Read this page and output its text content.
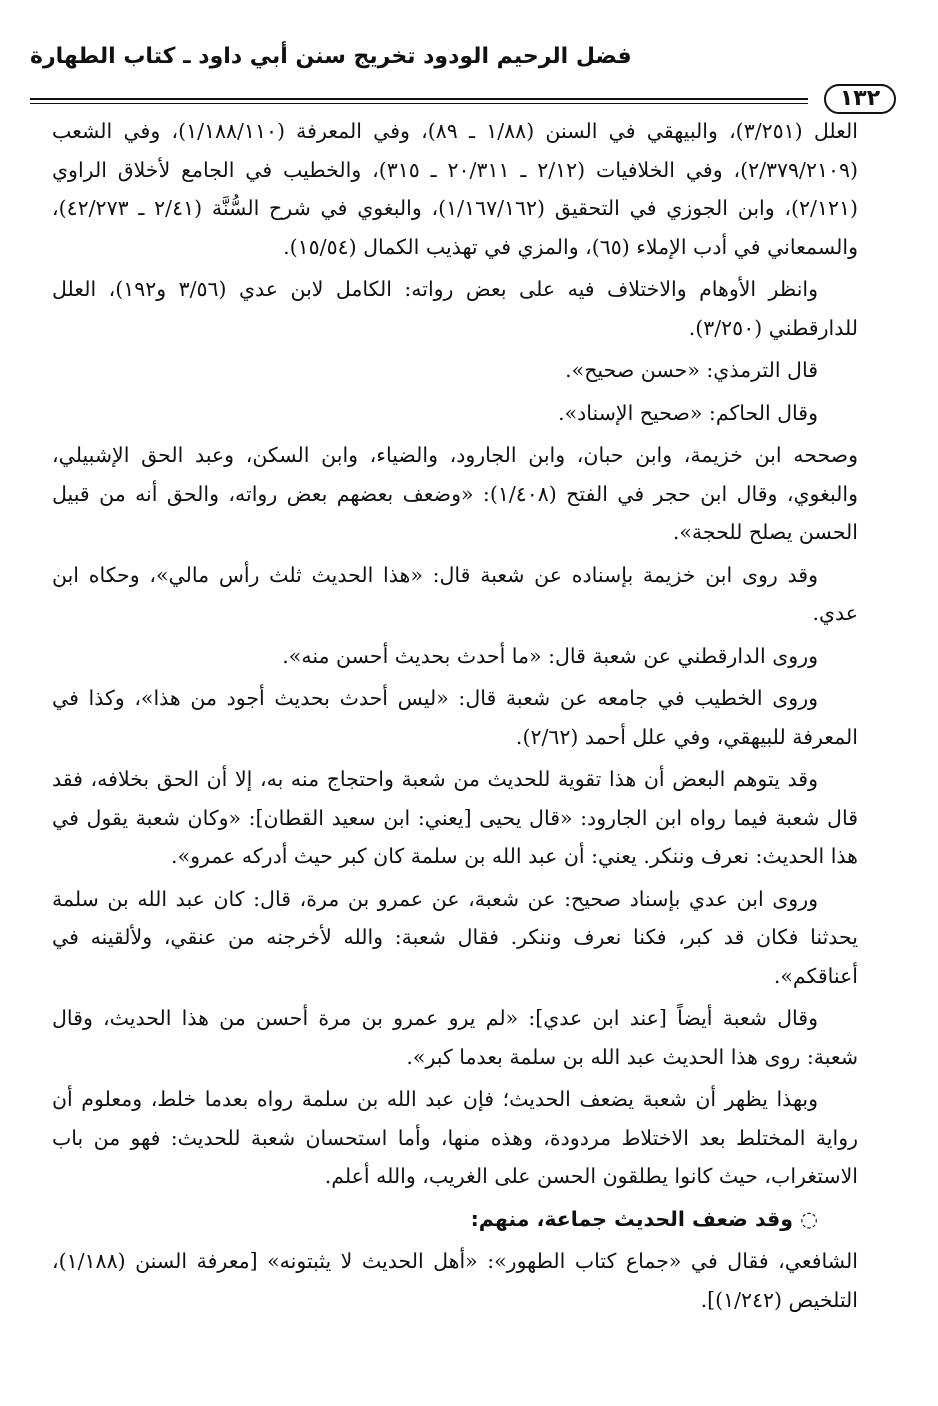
فضل الرحيم الودود تخريج سنن أبي داود ـ كتاب الطهارة
١٣٢

العلل (٣/٢٥١)، والبيهقي في السنن (١/٨٨ ـ ٨٩)، وفي المعرفة (١/١٨٨/١١٠)، وفي الشعب (٢/٣٧٩/٢١٠٩)، وفي الخلافيات (٢/١٢ ـ ٢٠/٣١١ ـ ٣١٥)، والخطيب في الجامع لأخلاق الراوي (٢/١٢١)، وابن الجوزي في التحقيق (١/١٦٧/١٦٢)، والبغوي في شرح السُّنَّة (٢/٤١ ـ ٤٢/٢٧٣)، والسمعاني في أدب الإملاء (٦٥)، والمزي في تهذيب الكمال (١٥/٥٤).

وانظر الأوهام والاختلاف فيه على بعض رواته: الكامل لابن عدي (٣/٥٦ و١٩٢)، العلل للدارقطني (٣/٢٥٠).

قال الترمذي: «حسن صحيح».

وقال الحاكم: «صحيح الإسناد».

وصححه ابن خزيمة، وابن حبان، وابن الجارود، والضياء، وابن السكن، وعبد الحق الإشبيلي، والبغوي، وقال ابن حجر في الفتح (١/٤٠٨): «وضعف بعضهم بعض رواته، والحق أنه من قبيل الحسن يصلح للحجة».

وقد روى ابن خزيمة بإسناده عن شعبة قال: «هذا الحديث ثلث رأس مالي»، وحكاه ابن عدي.

وروى الدارقطني عن شعبة قال: «ما أحدث بحديث أحسن منه».

وروى الخطيب في جامعه عن شعبة قال: «ليس أحدث بحديث أجود من هذا»، وكذا في المعرفة للبيهقي، وفي علل أحمد (٢/٦٢).

وقد يتوهم البعض أن هذا تقوية للحديث من شعبة واحتجاج منه به، إلا أن الحق بخلافه، فقد قال شعبة فيما رواه ابن الجارود: «قال يحيى [يعني: ابن سعيد القطان]: «وكان شعبة يقول في هذا الحديث: نعرف وننكر. يعني: أن عبد الله بن سلمة كان كبر حيث أدركه عمرو».

وروى ابن عدي بإسناد صحيح: عن شعبة، عن عمرو بن مرة، قال: كان عبد الله بن سلمة يحدثنا فكان قد كبر، فكنا نعرف وننكر. فقال شعبة: والله لأخرجنه من عنقي، ولألقينه في أعناقكم».

وقال شعبة أيضاً [عند ابن عدي]: «لم يرو عمرو بن مرة أحسن من هذا الحديث، وقال شعبة: روى هذا الحديث عبد الله بن سلمة بعدما كبر».

وبهذا يظهر أن شعبة يضعف الحديث؛ فإن عبد الله بن سلمة رواه بعدما خلط، ومعلوم أن رواية المختلط بعد الاختلاط مردودة، وهذه منها، وأما استحسان شعبة للحديث: فهو من باب الاستغراب، حيث كانوا يطلقون الحسن على الغريب، والله أعلم.

◌ وقد ضعف الحديث جماعة، منهم:

الشافعي، فقال في «جماع كتاب الطهور»: «أهل الحديث لا يثبتونه» [معرفة السنن (١/١٨٨)، التلخيص (١/٢٤٢)].
